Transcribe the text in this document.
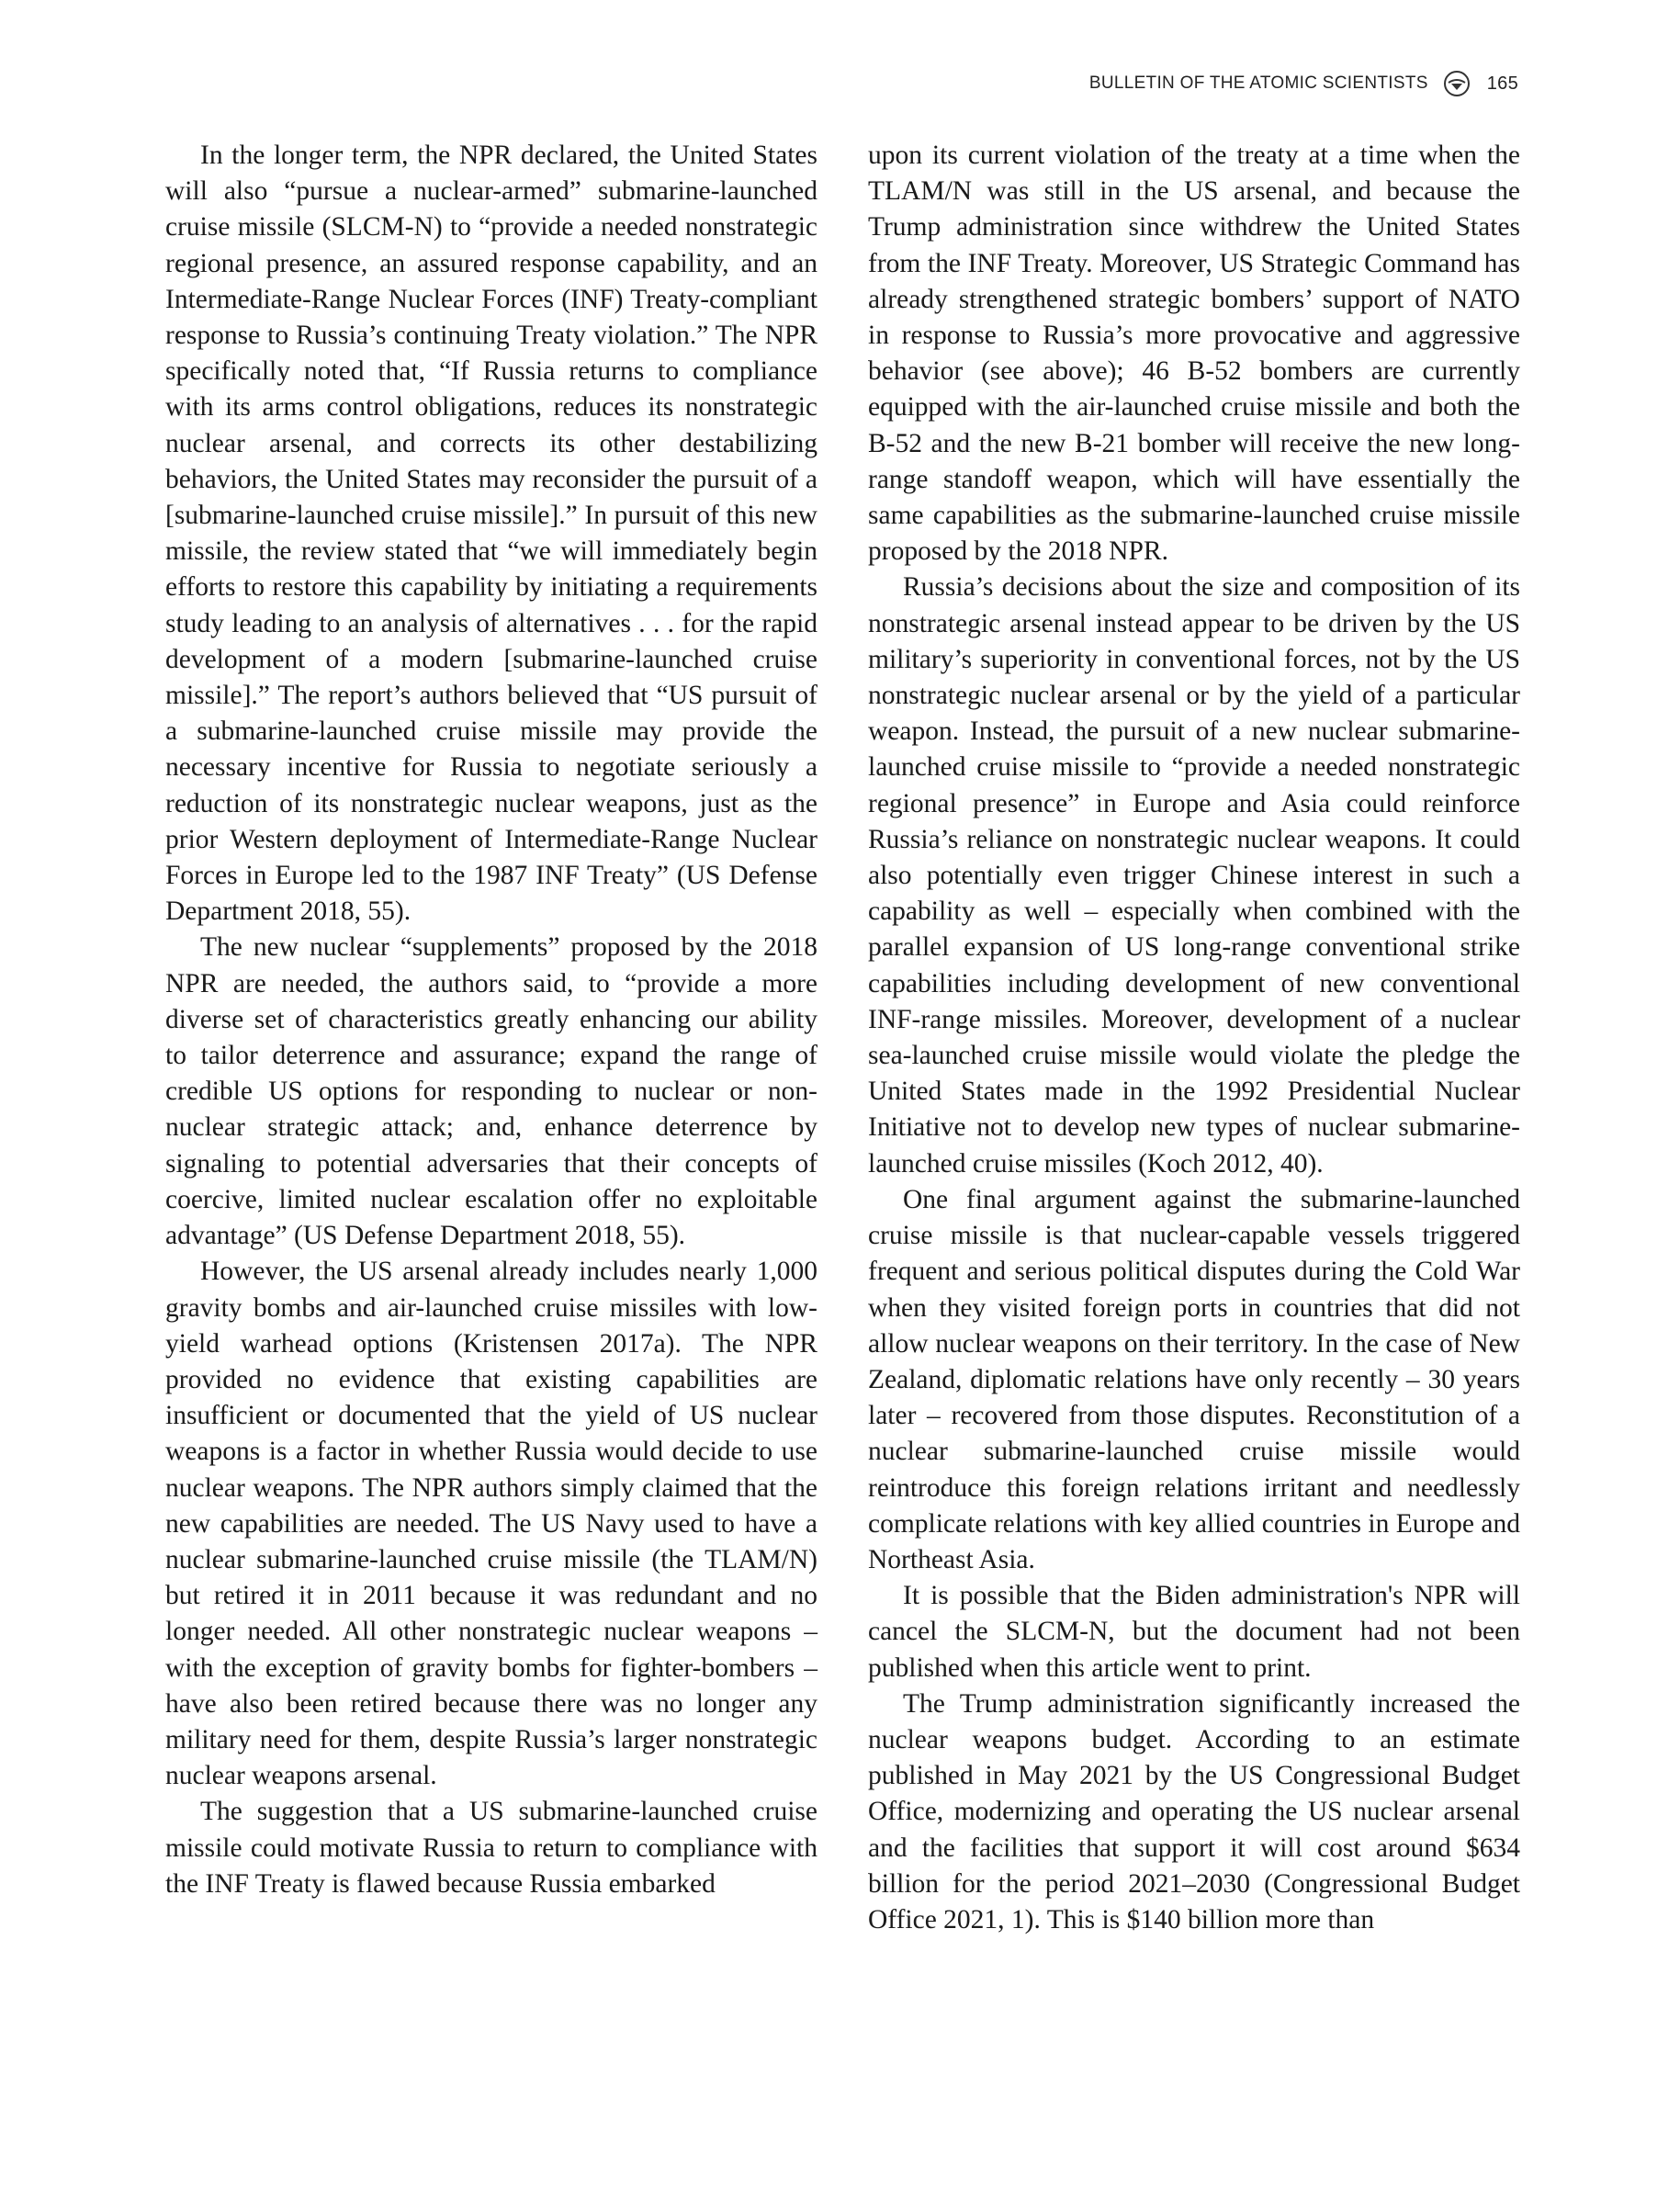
BULLETIN OF THE ATOMIC SCIENTISTS	165

In the longer term, the NPR declared, the United States will also “pursue a nuclear-armed” submarine-launched cruise missile (SLCM-N) to “provide a needed nonstrategic regional presence, an assured response capability, and an Intermediate-Range Nuclear Forces (INF) Treaty-compliant response to Russia’s continuing Treaty violation.” The NPR specifically noted that, “If Russia returns to compliance with its arms control obligations, reduces its nonstrategic nuclear arsenal, and corrects its other destabilizing behaviors, the United States may reconsider the pursuit of a [submarine-launched cruise missile].” In pursuit of this new missile, the review stated that “we will immediately begin efforts to restore this capability by initiating a requirements study leading to an analysis of alternatives . . . for the rapid development of a modern [submarine-launched cruise missile].” The report’s authors believed that “US pursuit of a submarine-launched cruise missile may provide the necessary incentive for Russia to negotiate seriously a reduction of its nonstrategic nuclear weapons, just as the prior Western deployment of Intermediate-Range Nuclear Forces in Europe led to the 1987 INF Treaty” (US Defense Department 2018, 55).

The new nuclear “supplements” proposed by the 2018 NPR are needed, the authors said, to “provide a more diverse set of characteristics greatly enhancing our ability to tailor deterrence and assurance; expand the range of credible US options for responding to nuclear or non-nuclear strategic attack; and, enhance deterrence by signaling to potential adversaries that their concepts of coercive, limited nuclear escalation offer no exploitable advantage” (US Defense Department 2018, 55).

However, the US arsenal already includes nearly 1,000 gravity bombs and air-launched cruise missiles with low-yield warhead options (Kristensen 2017a). The NPR provided no evidence that existing capabilities are insufficient or documented that the yield of US nuclear weapons is a factor in whether Russia would decide to use nuclear weapons. The NPR authors simply claimed that the new capabilities are needed. The US Navy used to have a nuclear submarine-launched cruise missile (the TLAM/N) but retired it in 2011 because it was redundant and no longer needed. All other nonstrategic nuclear weapons – with the exception of gravity bombs for fighter-bombers – have also been retired because there was no longer any military need for them, despite Russia’s larger nonstrategic nuclear weapons arsenal.

The suggestion that a US submarine-launched cruise missile could motivate Russia to return to compliance with the INF Treaty is flawed because Russia embarked

upon its current violation of the treaty at a time when the TLAM/N was still in the US arsenal, and because the Trump administration since withdrew the United States from the INF Treaty. Moreover, US Strategic Command has already strengthened strategic bombers’ support of NATO in response to Russia’s more provocative and aggressive behavior (see above); 46 B-52 bombers are currently equipped with the air-launched cruise missile and both the B-52 and the new B-21 bomber will receive the new long-range standoff weapon, which will have essentially the same capabilities as the submarine-launched cruise missile proposed by the 2018 NPR.

Russia’s decisions about the size and composition of its nonstrategic arsenal instead appear to be driven by the US military’s superiority in conventional forces, not by the US nonstrategic nuclear arsenal or by the yield of a particular weapon. Instead, the pursuit of a new nuclear submarine-launched cruise missile to “provide a needed nonstrategic regional presence” in Europe and Asia could reinforce Russia’s reliance on nonstrategic nuclear weapons. It could also potentially even trigger Chinese interest in such a capability as well – especially when combined with the parallel expansion of US long-range conventional strike capabilities including development of new conventional INF-range missiles. Moreover, development of a nuclear sea-launched cruise missile would violate the pledge the United States made in the 1992 Presidential Nuclear Initiative not to develop new types of nuclear submarine-launched cruise missiles (Koch 2012, 40).

One final argument against the submarine-launched cruise missile is that nuclear-capable vessels triggered frequent and serious political disputes during the Cold War when they visited foreign ports in countries that did not allow nuclear weapons on their territory. In the case of New Zealand, diplomatic relations have only recently – 30 years later – recovered from those disputes. Reconstitution of a nuclear submarine-launched cruise missile would reintroduce this foreign relations irritant and needlessly complicate relations with key allied countries in Europe and Northeast Asia.

It is possible that the Biden administration's NPR will cancel the SLCM-N, but the document had not been published when this article went to print.

The Trump administration significantly increased the nuclear weapons budget. According to an estimate published in May 2021 by the US Congressional Budget Office, modernizing and operating the US nuclear arsenal and the facilities that support it will cost around $634 billion for the period 2021–2030 (Congressional Budget Office 2021, 1). This is $140 billion more than
